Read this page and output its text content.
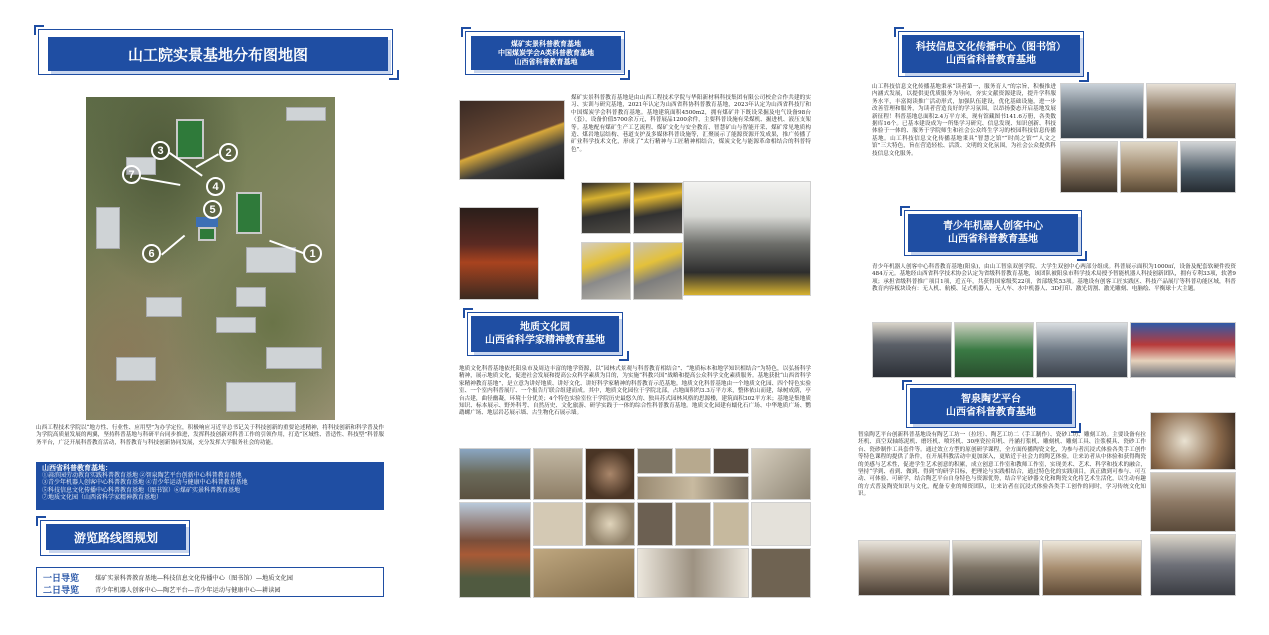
山工院实景基地分布图地图
3	2
7
4
5
6	1
山西工程技术学院以“地方性、行业性、应用型”为办学定位，积极响应习近平总书记关于科技创新的重要论述精神，将科技创新和科学普及作为学院高质量发展的两翼，坚持科普基地与科研平台同步推进，发挥科技创新对科普工作的引领作用，打造“区域性、普适性、科技型”科普服务平台，广泛开展科普教育活动，科普教育与科技创新协同发展，充分发挥大学服务社会的功能。
山西省科普教育基地：
①蒜滨园劳动教育实践科普教育基地 ②智泉陶艺平台创新中心科普教育基地
③青少年机器人创客中心科普教育基地 ④青少年运动与健康中心科普教育基地
⑤科技信息文化传播中心科普教育基地（图书馆）⑥煤矿实景科普教育基地
⑦地质文化园（山西省科学家精神教育基地）
游览路线图规划
一日导览	煤矿实景科普教育基地—科技信息文化传播中心（图书馆）—地质文化园
二日导览	青少年机器人创客中心—陶艺平台—青少年运动与健康中心—耕读园
煤矿实景科普教育基地
中国煤炭学会A类科普教育基地
山西省科普教育基地
煤矿实景科普教育基地是由山西工程技术学院与华阳新材料科技集团有限公司校企合作共建的实习、实训与研究基地，2021年认定为山西省科协科普教育基地，2023年认定为山西省科技厅和中国煤炭学会科普教育基地。基地建筑面积4500m2，拥有煤矿井下既设采掘及电气设备98台（套），设备价值5700余万元，科普展品1200余件，主要科普设施有采煤机、掘进机、液压支架等。基地配有煤矿生产工艺流程、煤矿文化与安全教育、智慧矿山与智能开采、煤矿常见地质构造、煤岩地层结构、巷道支护及多媒体科普设施等，汇聚展示了能源资源开发成果，推广传播了矿业科学技术文化，形成了“太行精神与工匠精神相结合，煤炭文化与能源革命相结合的科普特色”。
地质文化园
山西省科学家精神教育基地
地质文化科普基地依托阳泉市及周边丰富的地学资源，以“园林式景观与科普教育相结合”、“地质标本和地学知识相结合”为特色，以弘扬科学精神，展示地质文化，促进社会发展和提高公众科学素质为目的，为实施“科教兴国”战略和提高公众科学文化素质服务。基地获批“山西省科学家精神教育基地”，是立意为讲好地质、讲好文化、讲好科学家精神的科普教育示范基地。地质文化科普基地由一个地质文化园、四个特色实验室、一个室内科普展厅、一个报告厅联合组建而成。其中，地质文化园位于学院北部，占地面积约3.3万平方米，整体依山而建，绿树成荫，亭台古建，曲径幽凝，环境十分优美；4个特色实验室位于学院历史最悠久的、独具苏式园林风格的思源楼，建筑面积302平方米；基地是集地质知识、标本展示、野外科考、自然历史、文化旅游、研学实践于一体的综合性科普教育基地。地质文化园建有蠕化石广场、中华地质广场、鹦鹉螺广场、地层岩芯展示墙、古生物化石展示墙。
科技信息文化传播中心（图书馆）
山西省科普教育基地
山工科技信息文化传播基地秉承“读者第一，服务育人”的宗旨，积极推进内涵式发展，以提供更优质服务为导向，夯实文献资源建设，提升学科服务水平，丰富阅读推广活动形式，加强队伍建设，优化基础设施，进一步改善管理和服务，为读者营造良好的学习氛围，以昂扬姿态开启基地发展新征程！科普基地总面积2.4万平方米，现有馆藏图书141.6万册，各类数据库16个。已基本建设成为一所集学习研究、信息发现、知识创新、科技体验于一体的、服务于学院师生和社会公众终生学习的校园科技信息传播基地。山工科技信息文化传播基地秉具“智慧之馆”“时尚之馆”“人文之馆”三大特色，旨在营造轻松、活泼、文明的文化氛围，为社会公众提供科技信息文化服务。
青少年机器人创客中心
山西省科普教育基地
青少年机器人创客中心科普教育基地(阳泉)，由山工智泉双创学院、大学生双创中心两部分组成。科普展示面积为1000㎡，设备及配套软硬件投资484万元。基地经山西省科学技术协会认定为省级科普教育基地，该团队被阳泉市科学技术局授予智能机器人科技创新团队，拥有专利33项，软著9项；承担省级科普推广项目1项，近五年，共获得国家级奖22项，省部级奖53项。基地设有创客工匠实践区、科技产品展厅等科普功能区域，科普教育内容板块设有：无人机、航模、足式机器人、无人车、水中机器人、3D打印、激光切割、激光雕刻、电脑绘、平衡球十大主题。
智泉陶艺平台
山西省科普教育基地
智泉陶艺平台创新科普基地设有陶艺工坊一（拉坯）、陶艺工坊二（手工制作）、瓷砂工坊、雕刻工坊。主要设备有拉坯机、真空双轴练泥机、磨坯机、喷坯机、30座瓷拉印机、丹涵打浆机、雕刻机、雕刻工具、注浆模具、瓷砂工作台、瓷砂制作工具套件等。通过效立方型的原创研学课程，全方面传播陶瓷文化，为参与者沉浸式体验各类手工创作等特色课程的提供了条件，在开展科教活动中更加深入，更贴近于社会力的陶艺体验，让来访者从中体验和获得陶瓷的美感与艺术性，促进学生艺术创意的积累，成立创意工作室和教师工作室，实现美术、艺术、科学和技术的融合，坚持“学到、看到、做到、得到”的研学目标，把理论与实践相结合，通过特色化的实践项目，真正做到可参与、可互动、可体验、可研学，结合陶艺平台自身特色与资源优势，结合平定砂器文化和陶瓷文化将艺术生活化，以生动有趣的方式普及陶瓷知识与文化，配备专业的师资团队，让来访者在沉浸式体验各类手工创作的同时，学习传统文化知识。
